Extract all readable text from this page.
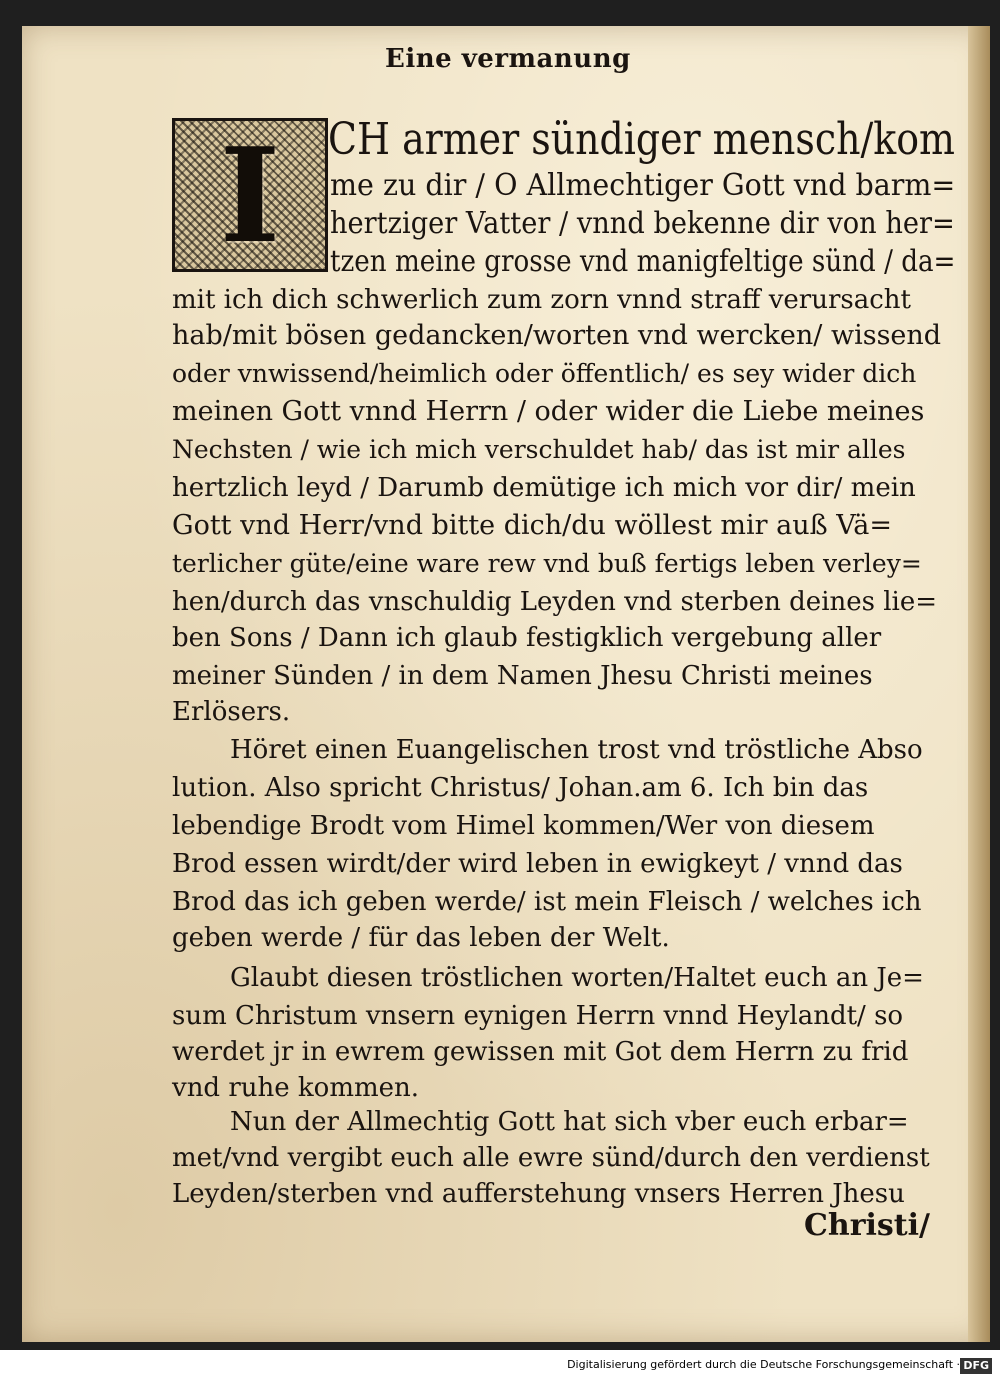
Eine vermanung
I	CH armer sündiger mensch/kom
me zu dir / O Allmechtiger Gott vnd barm=
hertziger Vatter / vnnd bekenne dir von her=
tzen meine grosse vnd manigfeltige sünd / da=
mit ich dich schwerlich zum zorn vnnd straff verursacht
hab/mit bösen gedancken/worten vnd wercken/ wissend
oder vnwissend/heimlich oder öffentlich/ es sey wider dich
meinen Gott vnnd Herrn / oder wider die Liebe meines
Nechsten / wie ich mich verschuldet hab/ das ist mir alles
hertzlich leyd / Darumb demütige ich mich vor dir/ mein
Gott vnd Herr/vnd bitte dich/du wöllest mir auß Vä=
terlicher güte/eine ware rew vnd buß fertigs leben verley=
hen/durch das vnschuldig Leyden vnd sterben deines lie=
ben Sons / Dann ich glaub festigklich vergebung aller
meiner Sünden / in dem Namen Jhesu Christi meines
Erlösers.
Höret einen Euangelischen trost vnd tröstliche Abso
lution. Also spricht Christus/ Johan.am 6. Ich bin das
lebendige Brodt vom Himel kommen/Wer von diesem
Brod essen wirdt/der wird leben in ewigkeyt / vnnd das
Brod das ich geben werde/ ist mein Fleisch / welches ich
geben werde / für das leben der Welt.
Glaubt diesen tröstlichen worten/Haltet euch an Je=
sum Christum vnsern eynigen Herrn vnnd Heylandt/ so
werdet jr in ewrem gewissen mit Got dem Herrn zu frid
vnd ruhe kommen.
Nun der Allmechtig Gott hat sich vber euch erbar=
met/vnd vergibt euch alle ewre sünd/durch den verdienst
Leyden/sterben vnd aufferstehung vnsers Herren Jhesu
Christi/
Digitalisierung gefördert durch die Deutsche Forschungsgemeinschaft · DFG
